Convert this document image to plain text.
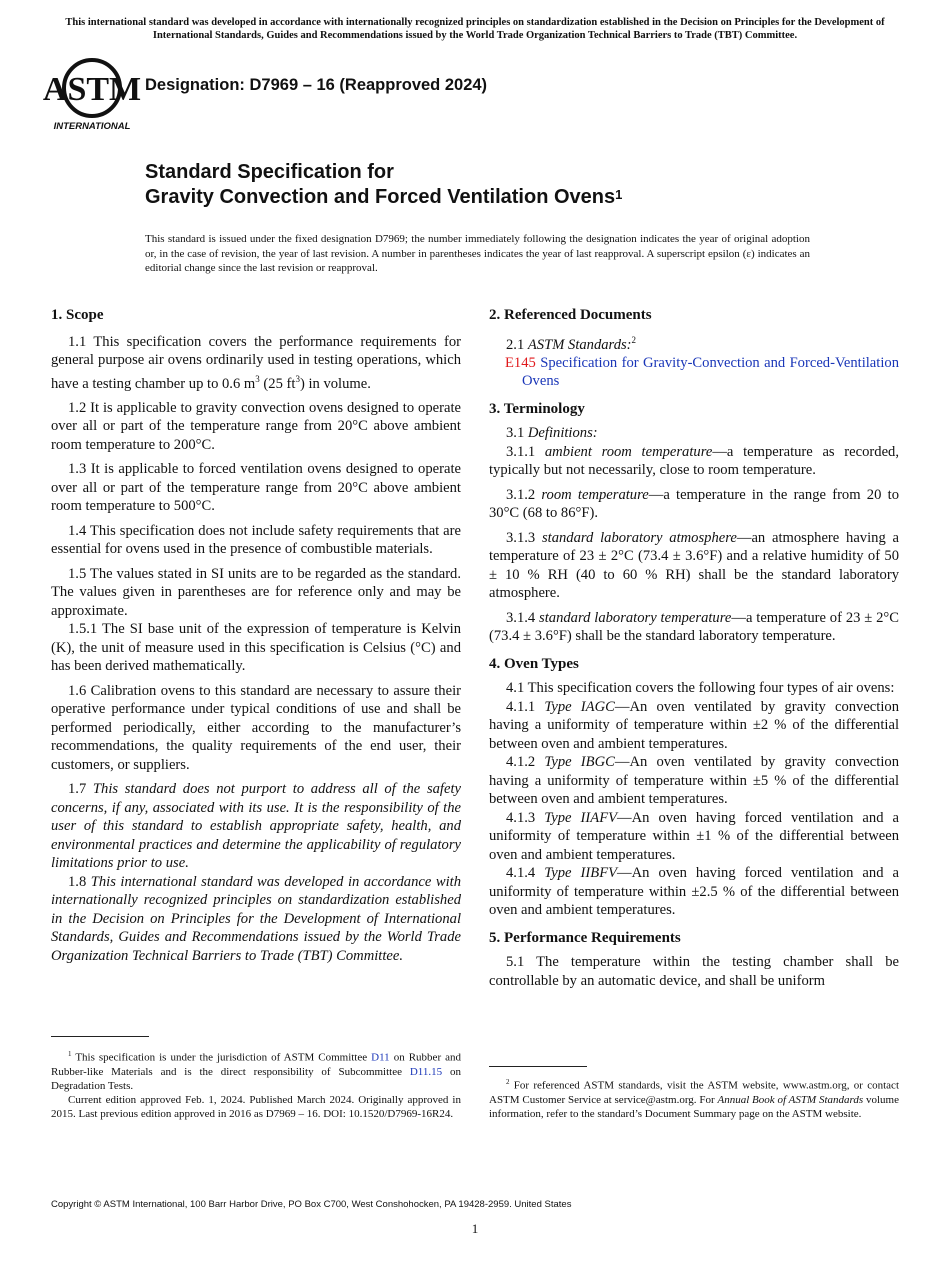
This international standard was developed in accordance with internationally recognized principles on standardization established in the Decision on Principles for the Development of International Standards, Guides and Recommendations issued by the World Trade Organization Technical Barriers to Trade (TBT) Committee.
ASTM
INTERNATIONAL
Designation: D7969 – 16 (Reapproved 2024)
Standard Specification for
Gravity Convection and Forced Ventilation Ovens$^1$
This standard is issued under the fixed designation D7969; the number immediately following the designation indicates the year of original adoption or, in the case of revision, the year of last revision. A number in parentheses indicates the year of last reapproval. A superscript epsilon (ε) indicates an editorial change since the last revision or reapproval.

1. Scope

1.1 This specification covers the performance requirements for general purpose air ovens ordinarily used in testing operations, which have a testing chamber up to 0.6 $m^3$ (25 $ft^3$) in volume.

1.2 It is applicable to gravity convection ovens designed to operate over all or part of the temperature range from 20°C above ambient room temperature to 200°C.

1.3 It is applicable to forced ventilation ovens designed to operate over all or part of the temperature range from 20°C above ambient room temperature to 500°C.

1.4 This specification does not include safety requirements that are essential for ovens used in the presence of combustible materials.

1.5 The values stated in SI units are to be regarded as the standard. The values given in parentheses are for reference only and may be approximate.

1.5.1 The SI base unit of the expression of temperature is Kelvin (K), the unit of measure used in this specification is Celsius (°C) and has been derived mathematically.

1.6 Calibration ovens to this standard are necessary to assure their operative performance under typical conditions of use and shall be performed periodically, either according to the manufacturer’s recommendations, the quality requirements of the end user, their customers, or suppliers.

1.7 This standard does not purport to address all of the safety concerns, if any, associated with its use. It is the responsibility of the user of this standard to establish appropriate safety, health, and environmental practices and determine the applicability of regulatory limitations prior to use.

1.8 This international standard was developed in accordance with internationally recognized principles on standardization established in the Decision on Principles for the Development of International Standards, Guides and Recommendations issued by the World Trade Organization Technical Barriers to Trade (TBT) Committee.

$^1$ This specification is under the jurisdiction of ASTM Committee D11 on Rubber and Rubber-like Materials and is the direct responsibility of Subcommittee D11.15 on Degradation Tests.

Current edition approved Feb. 1, 2024. Published March 2024. Originally approved in 2015. Last previous edition approved in 2016 as D7969 – 16. DOI: 10.1520/D7969-16R24.

2. Referenced Documents

2.1 ASTM Standards:$^2$

E145 Specification for Gravity-Convection and Forced-Ventilation Ovens

3. Terminology

3.1 Definitions:

3.1.1 ambient room temperature—a temperature as recorded, typically but not necessarily, close to room temperature.

3.1.2 room temperature—a temperature in the range from 20 to 30°C (68 to 86°F).

3.1.3 standard laboratory atmosphere—an atmosphere having a temperature of 23 ± 2°C (73.4 ± 3.6°F) and a relative humidity of 50 ± 10 % RH (40 to 60 % RH) shall be the standard laboratory atmosphere.

3.1.4 standard laboratory temperature—a temperature of 23 ± 2°C (73.4 ± 3.6°F) shall be the standard laboratory temperature.

4. Oven Types

4.1 This specification covers the following four types of air ovens:

4.1.1 Type IAGC—An oven ventilated by gravity convection having a uniformity of temperature within ±2 % of the differential between oven and ambient temperatures.

4.1.2 Type IBGC—An oven ventilated by gravity convection having a uniformity of temperature within ±5 % of the differential between oven and ambient temperatures.

4.1.3 Type IIAFV—An oven having forced ventilation and a uniformity of temperature within ±1 % of the differential between oven and ambient temperatures.

4.1.4 Type IIBFV—An oven having forced ventilation and a uniformity of temperature within ±2.5 % of the differential between oven and ambient temperatures.

5. Performance Requirements

5.1 The temperature within the testing chamber shall be controllable by an automatic device, and shall be uniform

$^2$ For referenced ASTM standards, visit the ASTM website, www.astm.org, or contact ASTM Customer Service at service@astm.org. For Annual Book of ASTM Standards volume information, refer to the standard’s Document Summary page on the ASTM website.

Copyright © ASTM International, 100 Barr Harbor Drive, PO Box C700, West Conshohocken, PA 19428-2959. United States
1
